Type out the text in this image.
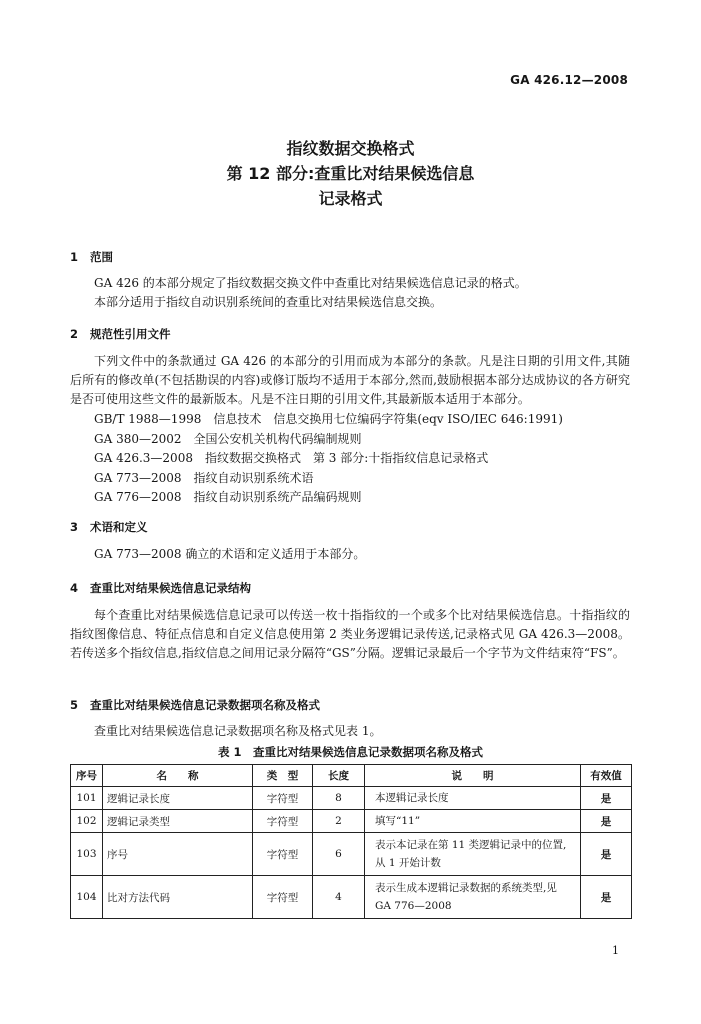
GA 426.12—2008
指纹数据交换格式
第 12 部分:查重比对结果候选信息
记录格式
1 范围
GA 426 的本部分规定了指纹数据交换文件中查重比对结果候选信息记录的格式。
本部分适用于指纹自动识别系统间的查重比对结果候选信息交换。
2 规范性引用文件
下列文件中的条款通过 GA 426 的本部分的引用而成为本部分的条款。凡是注日期的引用文件,其随后所有的修改单(不包括勘误的内容)或修订版均不适用于本部分,然而,鼓励根据本部分达成协议的各方研究是否可使用这些文件的最新版本。凡是不注日期的引用文件,其最新版本适用于本部分。
GB/T 1988—1998　信息技术　信息交换用七位编码字符集(eqv ISO/IEC 646:1991)
GA 380—2002　全国公安机关机构代码编制规则
GA 426.3—2008　指纹数据交换格式　第 3 部分:十指指纹信息记录格式
GA 773—2008　指纹自动识别系统术语
GA 776—2008　指纹自动识别系统产品编码规则
3 术语和定义
GA 773—2008 确立的术语和定义适用于本部分。
4 查重比对结果候选信息记录结构
每个查重比对结果候选信息记录可以传送一枚十指指纹的一个或多个比对结果候选信息。十指指纹的指纹图像信息、特征点信息和自定义信息使用第 2 类业务逻辑记录传送,记录格式见 GA 426.3—2008。若传送多个指纹信息,指纹信息之间用记录分隔符“GS”分隔。逻辑记录最后一个字节为文件结束符“FS”。
5 查重比对结果候选信息记录数据项名称及格式
查重比对结果候选信息记录数据项名称及格式见表 1。
表 1　查重比对结果候选信息记录数据项名称及格式
序号	名　　称	类　型	长度	说　　明	有效值
101	逻辑记录长度	字符型	8	本逻辑记录长度	是
102	逻辑记录类型	字符型	2	填写“11”	是
103	序号	字符型	6	表示本记录在第 11 类逻辑记录中的位置,从 1 开始计数	是
104	比对方法代码	字符型	4	表示生成本逻辑记录数据的系统类型,见 GA 776—2008	是
1
